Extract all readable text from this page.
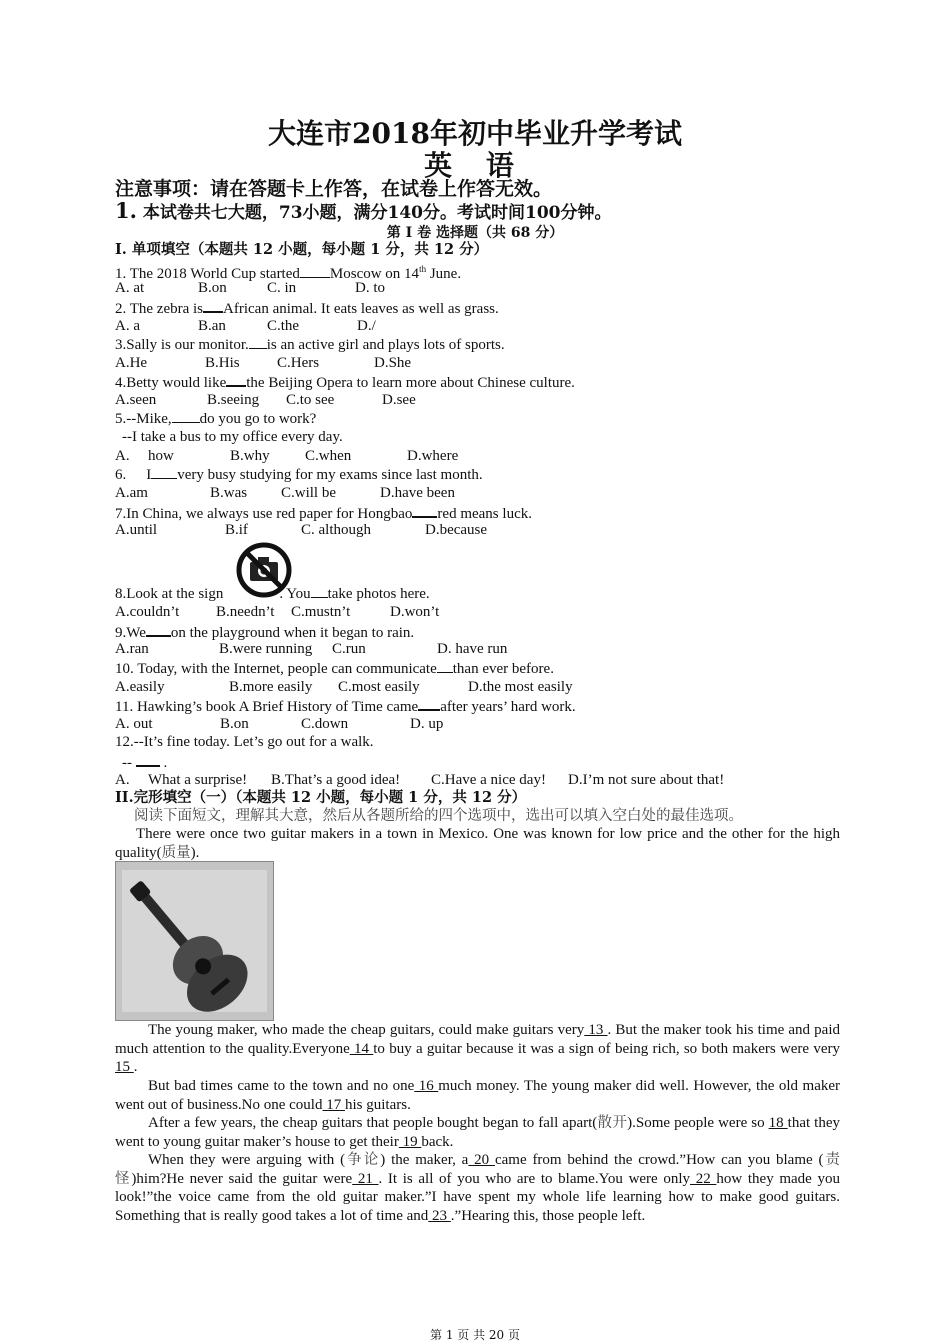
大连市2018年初中毕业升学考试
英 语
注意事项：请在答题卡上作答，在试卷上作答无效。
1. 本试卷共七大题，73小题，满分140分。考试时间100分钟。
第 I 卷 选择题（共 68 分）
I. 单项填空（本题共 12 小题，每小题 1 分，共 12 分）
1. The 2018 World Cup started Moscow on 14th June.
A. at	B.on	C. in	D. to
2. The zebra is African animal. It eats leaves as well as grass.
A. a	B.an	C.the	D./
3.Sally is our monitor. is an active girl and plays lots of sports.
A.He	B.His C.Hers	D.She
4.Betty would like the Beijing Opera to learn more about Chinese culture.
A.seen	B.seeing C.to see	D.see
5.--Mike, do you go to work?
--I take a bus to my office every day.
A. how	B.why C.when	D.where
6. I very busy studying for my exams since last month.
A.am	B.was C.will be	D.have been
7.In China, we always use red paper for Hongbao red means luck.
A.until	B.if	C. although	D.because
8.Look at the sign	. You take photos here.
A.couldn’t B.needn’t C.mustn’t	D.won’t
9.We on the playground when it began to rain.
A.ran	B.were running C.run	D. have run
10. Today, with the Internet, people can communicate than ever before.
A.easily	B.more easily C.most easily	D.the most easily
11. Hawking’s book A Brief History of Time came after years’ hard work.
A. out	B.on	C.down	D. up
12.--It’s fine today. Let’s go out for a walk.
-- .
A. What a surprise! B.That’s a good idea! C.Have a nice day! D.I’m not sure about that!
II.完形填空（一）（本题共 12 小题，每小题 1 分，共 12 分）
阅读下面短文，理解其大意，然后从各题所给的四个选项中，选出可以填入空白处的最佳选项。
There were once two guitar makers in a town in Mexico. One was known for low price and the other for the high quality(质量).
The young maker, who made the cheap guitars, could make guitars very 13 . But the maker took his time and paid much attention to the quality.Everyone 14 to buy a guitar because it was a sign of being rich, so both makers were very 15 .
But bad times came to the town and no one 16 much money. The young maker did well. However, the old maker went out of business.No one could 17 his guitars.
After a few years, the cheap guitars that people bought began to fall apart(散开).Some people were so 18 that they went to young guitar maker’s house to get their 19 back.
When they were arguing with (争论) the maker, a 20 came from behind the crowd.”How can you blame (责怪)him?He never said the guitar were 21 . It is all of you who are to blame.You were only 22 how they made you look!”the voice came from the old guitar maker.”I have spent my whole life learning how to make good guitars. Something that is really good takes a lot of time and 23 .”Hearing this, those people left.
第 1 页 共 20 页
